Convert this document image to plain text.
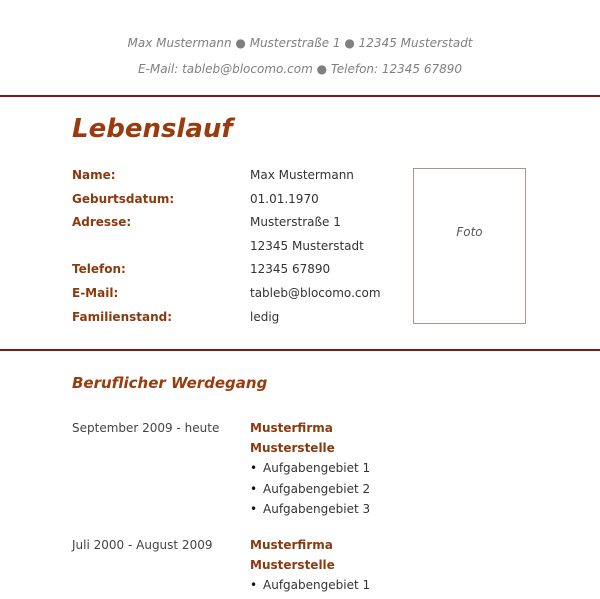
Max Mustermann ● Musterstraße 1 ● 12345 Musterstadt
E-Mail: tableb@blocomo.com ● Telefon: 12345 67890
Lebenslauf
Name:	Max Mustermann
Geburtsdatum:	01.01.1970
Adresse:	Musterstraße 1
12345 Musterstadt
Telefon:	12345 67890
E-Mail:	tableb@blocomo.com
Familienstand:	ledig
Foto
Beruflicher Werdegang
September 2009 - heute	Musterfirma
Musterstelle
• Aufgabengebiet 1
• Aufgabengebiet 2
• Aufgabengebiet 3
Juli 2000 - August 2009	Musterfirma
Musterstelle
• Aufgabengebiet 1
